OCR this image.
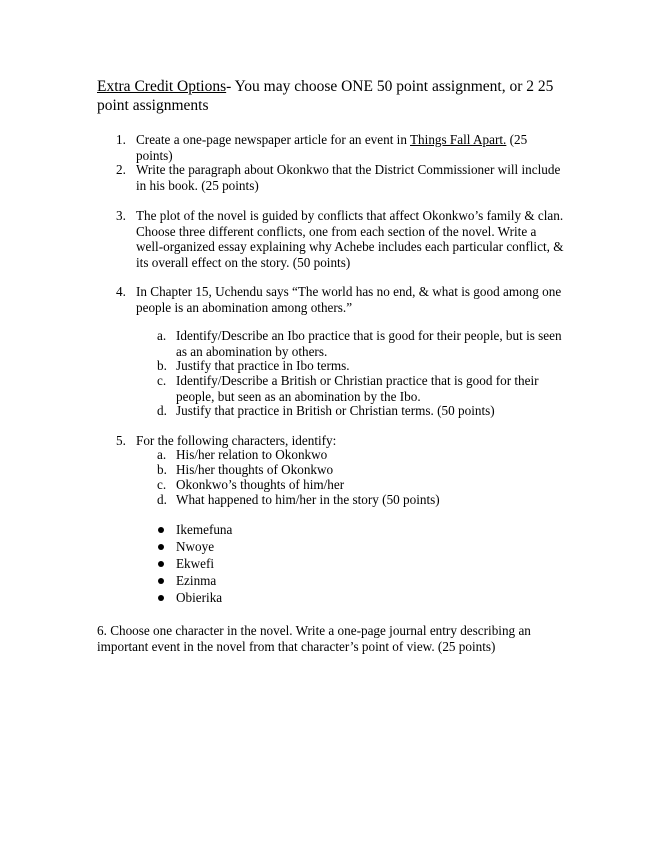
Extra Credit Options- You may choose ONE 50 point assignment, or 2 25 point assignments
1. Create a one-page newspaper article for an event in Things Fall Apart. (25 points)
2. Write the paragraph about Okonkwo that the District Commissioner will include in his book. (25 points)
3. The plot of the novel is guided by conflicts that affect Okonkwo’s family & clan. Choose three different conflicts, one from each section of the novel. Write a well-organized essay explaining why Achebe includes each particular conflict, & its overall effect on the story. (50 points)
4. In Chapter 15, Uchendu says “The world has no end, & what is good among one people is an abomination among others.”
a. Identify/Describe an Ibo practice that is good for their people, but is seen as an abomination by others.
b. Justify that practice in Ibo terms.
c. Identify/Describe a British or Christian practice that is good for their people, but seen as an abomination by the Ibo.
d. Justify that practice in British or Christian terms. (50 points)
5. For the following characters, identify:
a. His/her relation to Okonkwo
b. His/her thoughts of Okonkwo
c. Okonkwo’s thoughts of him/her
d. What happened to him/her in the story (50 points)
Ikemefuna
Nwoye
Ekwefi
Ezinma
Obierika
6. Choose one character in the novel. Write a one-page journal entry describing an important event in the novel from that character’s point of view. (25 points)
